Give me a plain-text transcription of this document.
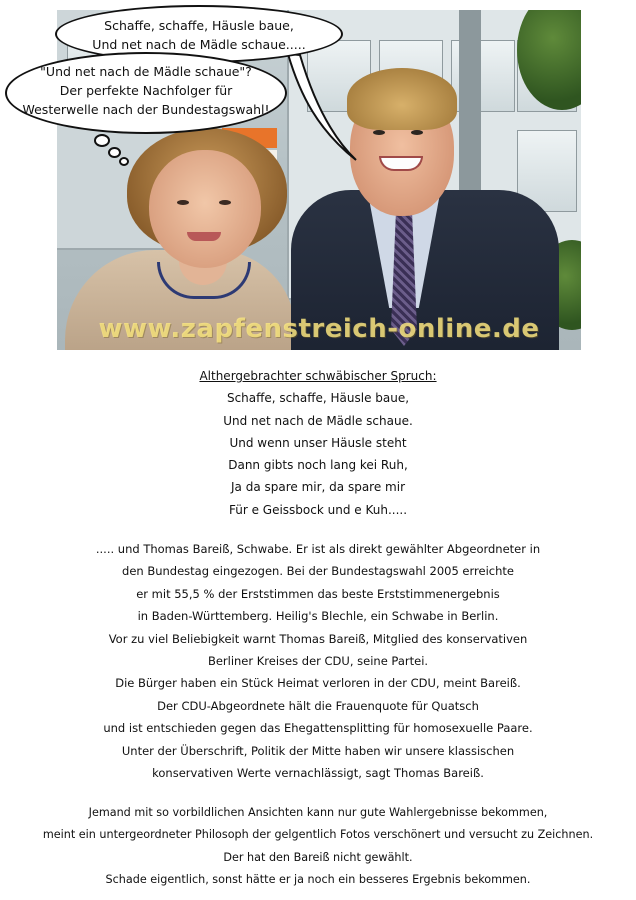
www.zapfenstreich-online.de
Schaffe, schaffe, Häusle baue,
Und net nach de Mädle schaue.....
"Und net nach de Mädle schaue"?
Der perfekte Nachfolger für
Westerwelle nach der Bundestagswahl!
Althergebrachter schwäbischer Spruch:
Schaffe, schaffe, Häusle baue,
Und net nach de Mädle schaue.
Und wenn unser Häusle steht
Dann gibts noch lang kei Ruh,
Ja da spare mir, da spare mir
Für e Geissbock und e Kuh.....
..... und Thomas Bareiß, Schwabe. Er ist als direkt gewählter Abgeordneter in
den Bundestag eingezogen. Bei der Bundestagswahl 2005 erreichte
er mit 55,5 % der Erststimmen das beste Erststimmenergebnis
in Baden-Württemberg. Heilig's Blechle, ein Schwabe in Berlin.
Vor zu viel Beliebigkeit warnt Thomas Bareiß, Mitglied des konservativen
Berliner Kreises der CDU, seine Partei.
Die Bürger haben ein Stück Heimat verloren in der CDU, meint Bareiß.
Der CDU-Abgeordnete hält die Frauenquote für Quatsch
und ist entschieden gegen das Ehegattensplitting für homosexuelle Paare.
Unter der Überschrift, Politik der Mitte haben wir unsere klassischen
konservativen Werte vernachlässigt, sagt Thomas Bareiß.
Jemand mit so vorbildlichen Ansichten kann nur gute Wahlergebnisse bekommen,
meint ein untergeordneter Philosoph der gelgentlich Fotos verschönert und versucht zu Zeichnen.
Der hat den Bareiß nicht gewählt.
Schade eigentlich, sonst hätte er ja noch ein besseres Ergebnis bekommen.
